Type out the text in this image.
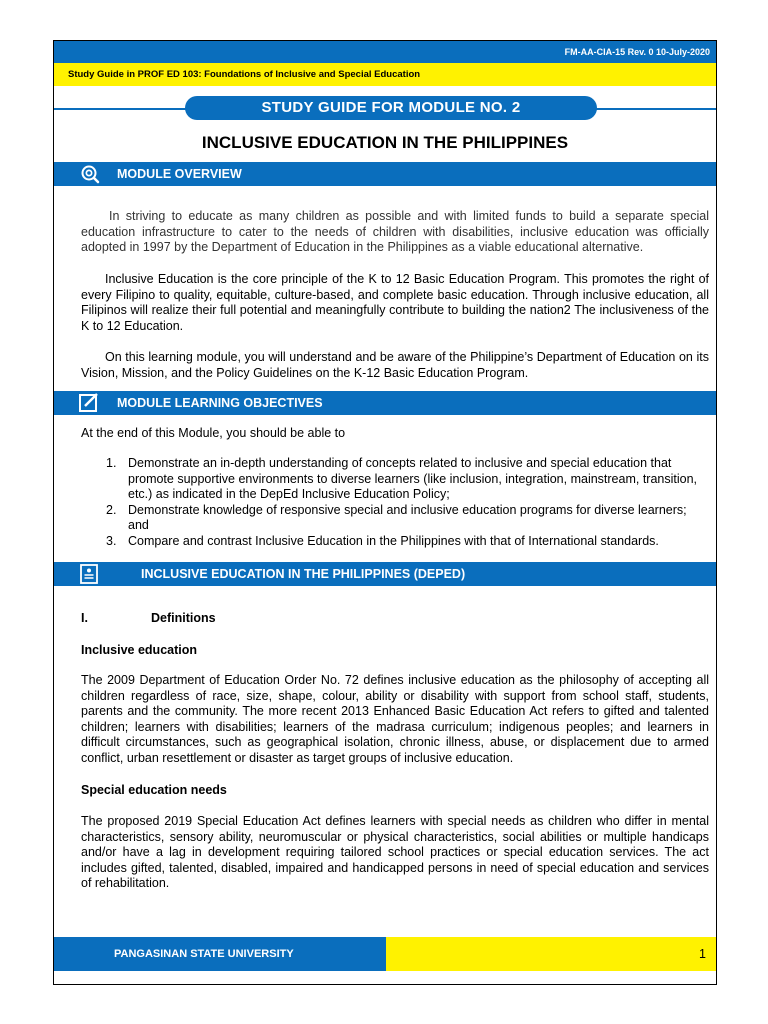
FM-AA-CIA-15 Rev. 0 10-July-2020
Study Guide in PROF ED 103: Foundations of Inclusive and Special Education
STUDY GUIDE FOR MODULE NO. 2
INCLUSIVE EDUCATION IN THE PHILIPPINES
MODULE OVERVIEW
In striving to educate as many children as possible and with limited funds to build a separate special education infrastructure to cater to the needs of children with disabilities, inclusive education was officially adopted in 1997 by the Department of Education in the Philippines as a viable educational alternative.
Inclusive Education is the core principle of the K to 12 Basic Education Program. This promotes the right of every Filipino to quality, equitable, culture-based, and complete basic education. Through inclusive education, all Filipinos will realize their full potential and meaningfully contribute to building the nation2 The inclusiveness of the K to 12 Education.
On this learning module, you will understand and be aware of the Philippine’s Department of Education on its Vision, Mission, and the Policy Guidelines on the K-12 Basic Education Program.
MODULE LEARNING OBJECTIVES
At the end of this Module, you should be able to
1. Demonstrate an in-depth understanding of concepts related to inclusive and special education that promote supportive environments to diverse learners (like inclusion, integration, mainstream, transition, etc.) as indicated in the DepEd Inclusive Education Policy;
2. Demonstrate knowledge of responsive special and inclusive education programs for diverse learners; and
3. Compare and contrast Inclusive Education in the Philippines with that of International standards.
INCLUSIVE EDUCATION IN THE PHILIPPINES (DEPED)
I.	Definitions
Inclusive education
The 2009 Department of Education Order No. 72 defines inclusive education as the philosophy of accepting all children regardless of race, size, shape, colour, ability or disability with support from school staff, students, parents and the community. The more recent 2013 Enhanced Basic Education Act refers to gifted and talented children; learners with disabilities; learners of the madrasa curriculum; indigenous peoples; and learners in difficult circumstances, such as geographical isolation, chronic illness, abuse, or displacement due to armed conflict, urban resettlement or disaster as target groups of inclusive education.
Special education needs
The proposed 2019 Special Education Act defines learners with special needs as children who differ in mental characteristics, sensory ability, neuromuscular or physical characteristics, social abilities or multiple handicaps and/or have a lag in development requiring tailored school practices or special education services. The act includes gifted, talented, disabled, impaired and handicapped persons in need of special education and services of rehabilitation.
PANGASINAN STATE UNIVERSITY	1
